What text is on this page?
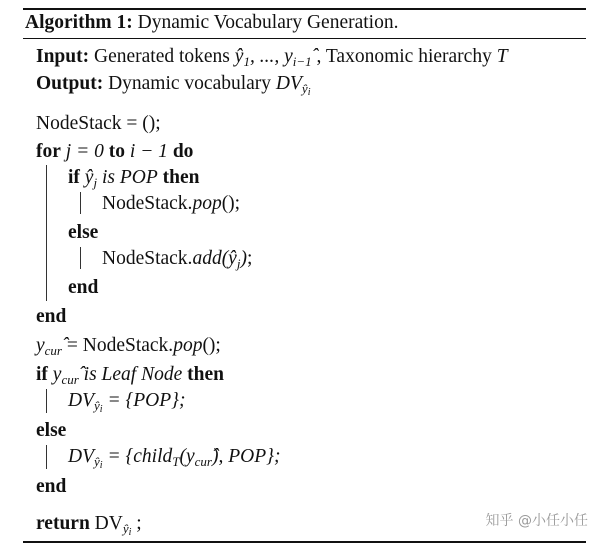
Algorithm 1: Dynamic Vocabulary Generation.
Input: Generated tokens $ŷ_1$, ..., $y_{i-1}$ , Taxonomic hierarchy T
Output: Dynamic vocabulary $DV_{ŷ_i}$
NodeStack = ();
for j = 0 to i − 1 do
if $ŷ_j$ is POP then
NodeStack.pop();
else
$NodeStack.add(ŷ_j)$;
end
end
$y_{cur}$ = NodeStack.pop();
if $y_{cur}̂$ is Leaf Node then
$DV_{ŷ_i} = \{POP\}$;
else
$DV_{ŷ_i}$ = {$child_T(y_{cur}̂)$, POP};
end
return $DV_{ŷ_i}$ ;	知乎 @小任小任
